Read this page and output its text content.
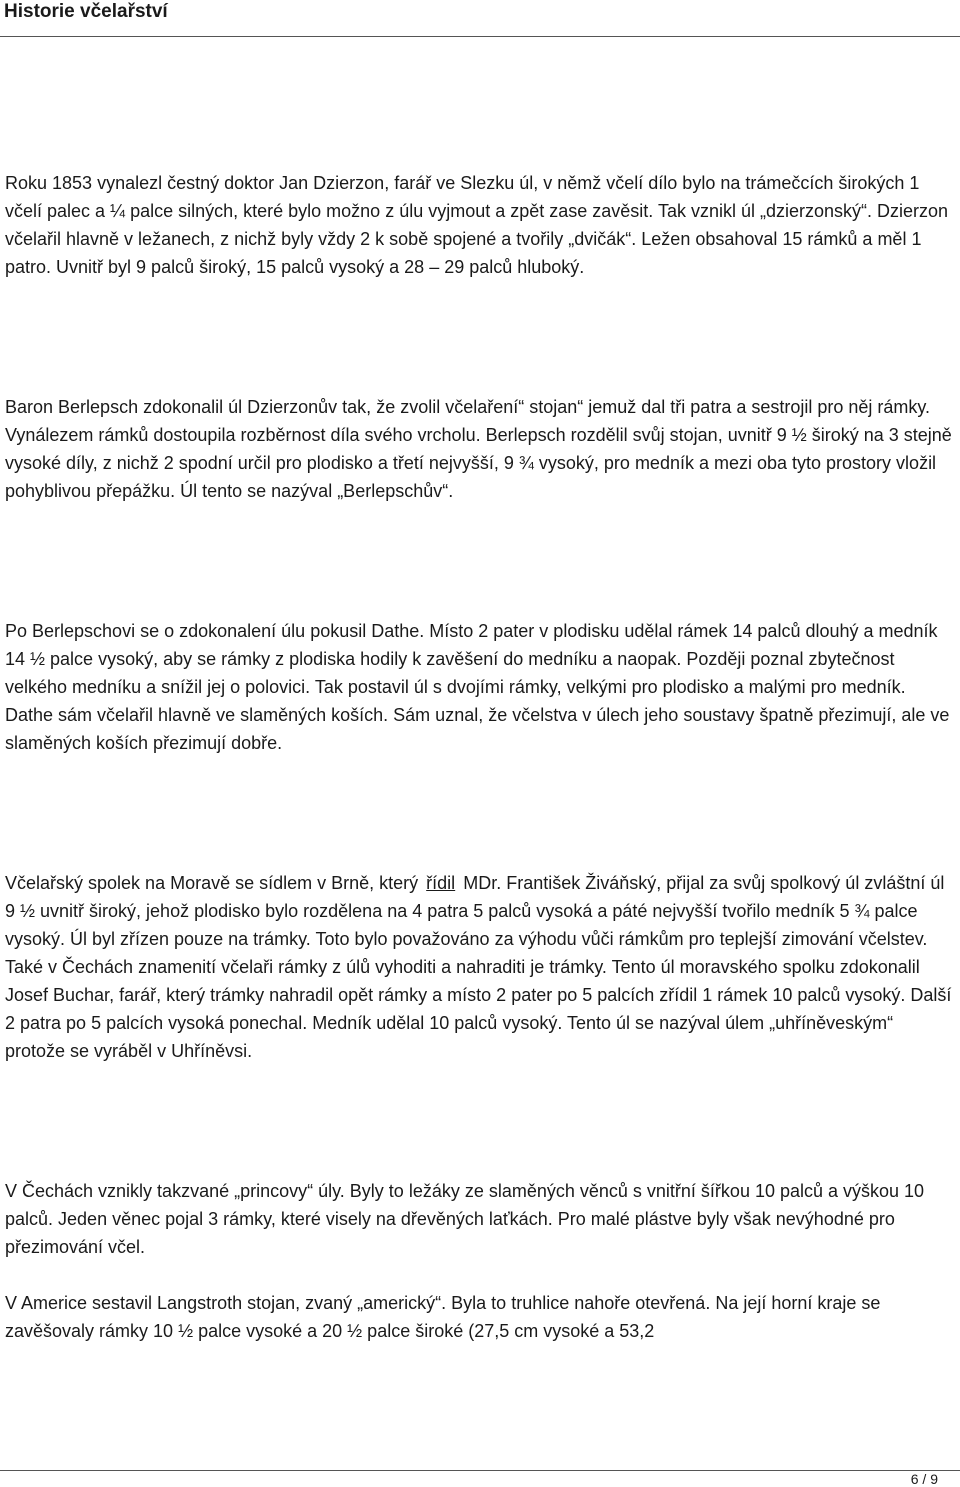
Historie včelařství

Roku 1853 vynalezl čestný doktor Jan Dzierzon, farář ve Slezku úl, v němž včelí dílo bylo na trámečcích širokých 1 včelí palec a ¼ palce silných, které bylo možno z úlu vyjmout a zpět zase zavěsit. Tak vznikl úl „dzierzonský“. Dzierzon včelařil hlavně v ležanech, z nichž byly vždy 2 k sobě spojené a tvořily „dvičák“. Ležen obsahoval 15 rámků a měl 1 patro. Uvnitř byl 9 palců široký, 15 palců vysoký a 28 – 29 palců hluboký.

Baron Berlepsch zdokonalil úl Dzierzonův tak, že zvolil včelaření“ stojan“ jemuž dal tři patra a sestrojil pro něj rámky. Vynálezem rámků dostoupila rozběrnost díla svého vrcholu. Berlepsch rozdělil svůj stojan, uvnitř 9 ½ široký na 3 stejně vysoké díly, z nichž 2 spodní určil pro plodisko a třetí nejvyšší, 9 ¾ vysoký, pro medník a mezi oba tyto prostory vložil pohyblivou přepážku. Úl tento se nazýval „Berlepschův“.

Po Berlepschovi se o zdokonalení úlu pokusil Dathe. Místo 2 pater v plodisku udělal rámek 14 palců dlouhý a medník 14 ½ palce vysoký, aby se rámky z plodiska hodily k zavěšení do medníku a naopak. Později poznal zbytečnost velkého medníku a snížil jej o polovici. Tak postavil úl s dvojími rámky, velkými pro plodisko a malými pro medník. Dathe sám včelařil hlavně ve slaměných koších. Sám uznal, že včelstva v úlech jeho soustavy špatně přezimují, ale ve slaměných koších přezimují dobře.

Včelařský spolek na Moravě se sídlem v Brně, který řídil MDr. František Živáňský, přijal za svůj spolkový úl zvláštní úl 9 ½ uvnitř široký, jehož plodisko bylo rozdělena na 4 patra 5 palců vysoká a páté nejvyšší tvořilo medník 5 ¾ palce vysoký. Úl byl zřízen pouze na trámky. Toto bylo považováno za výhodu vůči rámkům pro teplejší zimování včelstev. Také v Čechách znamenití včelaři rámky z úlů vyhoditi a nahraditi je trámky. Tento úl moravského spolku zdokonalil Josef Buchar, farář, který trámky nahradil opět rámky a místo 2 pater po 5 palcích zřídil 1 rámek 10 palců vysoký. Další 2 patra po 5 palcích vysoká ponechal. Medník udělal 10 palců vysoký. Tento úl se nazýval úlem „uhříněveským“ protože se vyráběl v Uhříněvsi.

V Čechách vznikly takzvané „princovy“ úly. Byly to ležáky ze slaměných věnců s vnitřní šířkou 10 palců a výškou 10 palců. Jeden věnec pojal 3 rámky, které visely na dřevěných laťkách. Pro malé plástve byly však nevýhodné pro přezimování včel.

V Americe sestavil Langstroth stojan, zvaný „americký“. Byla to truhlice nahoře otevřená. Na její horní kraje se zavěšovaly rámky 10 ½ palce vysoké a 20 ½ palce široké (27,5 cm vysoké a 53,2

6 / 9
